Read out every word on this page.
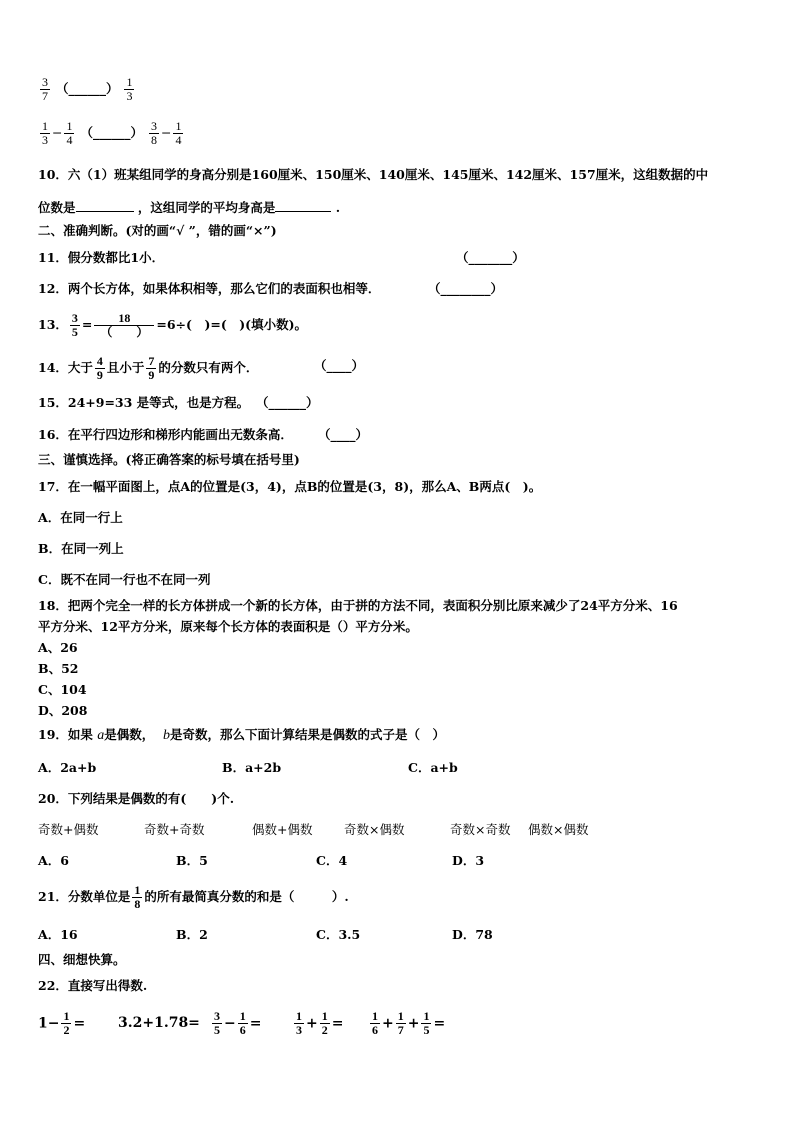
$\frac{3}{7}$ （______） $\frac{1}{3}$
$\frac{1}{3} - \frac{1}{4}$ （______） $\frac{3}{8} - \frac{1}{4}$
10．六（1）班某组同学的身高分别是160厘米、150厘米、140厘米、145厘米、142厘米、157厘米，这组数据的中
位数是	，这组同学的平均身高是	.
二、准确判断。(对的画“√ ”，错的画“×”)
11．假分数都比1小．	（_______）
12．两个长方体，如果体积相等，那么它们的表面积也相等．	（________）
13． $\frac{3}{5} = \frac{18}{( )} =6\div$(　)=(　)(填小数)。
14．大于 $\frac{4}{9}$ 且小于 $\frac{7}{9}$ 的分数只有两个．	（____）
15．24+9=33 是等式，也是方程。 （______）
16．在平行四边形和梯形内能画出无数条高． （____）
三、谨慎选择。(将正确答案的标号填在括号里)
17．在一幅平面图上，点A的位置是(3，4)，点B的位置是(3，8)，那么A、B两点(　)。
A．在同一行上
B．在同一列上
C．既不在同一行也不在同一列
18．把两个完全一样的长方体拼成一个新的长方体，由于拼的方法不同，表面积分别比原来减少了24平方分米、16
平方分米、12平方分米，原来每个长方体的表面积是（）平方分米。
A、26
B、52
C、104
D、208
19．如果 a是偶数， b是奇数，那么下面计算结果是偶数的式子是（　）
A．2a+b	B．a+2b	C．a+b
20．下列结果是偶数的有(　　)个.
奇数+偶数	奇数+奇数	偶数+偶数	奇数×偶数	奇数×奇数 偶数×偶数
A．6	B．5	C．4	D．3
21．分数单位是 $\frac{1}{8}$ 的所有最简真分数的和是（　　　）.
A．16	B．2	C．3.5	D．78
四、细想快算。
22．直接写出得数.
$1- \frac{1}{2} = 3.2+1.78= \frac{3}{5} - \frac{1}{6}$ =	$\frac{1}{3} + \frac{1}{2} = \frac{1}{6} + \frac{1}{7} + \frac{1}{5}$ =
